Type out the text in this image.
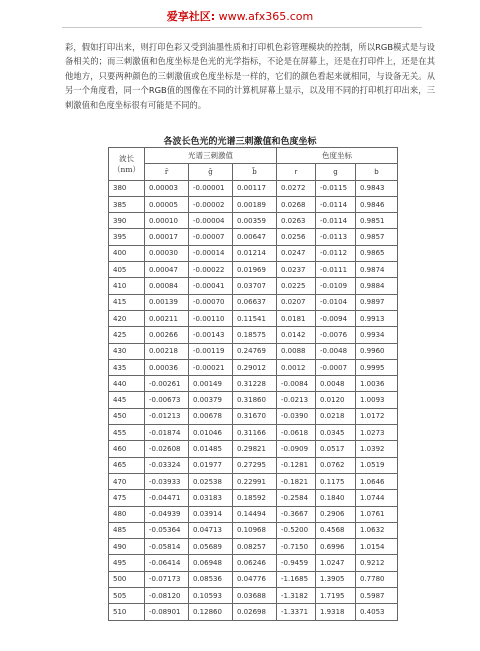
爱享社区: www.afx365.com

彩，假如打印出来，则打印色彩又受到油墨性质和打印机色彩管理模块的控制，所以RGB模式是与设备相关的；而三刺激值和色度坐标是色光的光学指标，不论是在屏幕上，还是在打印件上，还是在其他地方，只要两种颜色的三刺激值或色度坐标是一样的，它们的颜色看起来就相同，与设备无关。从另一个角度看，同一个RGB值的图像在不同的计算机屏幕上显示，以及用不同的打印机打印出来，三刺激值和色度坐标很有可能是不同的。

各波长色光的光谱三刺激值和色度坐标
波长
（nm）	光谱三刺激值			色度坐标		
	r̄	ḡ	b̄	r	g	b
380	0.00003	-0.00001	0.00117	0.0272	-0.0115	0.9843
385	0.00005	-0.00002	0.00189	0.0268	-0.0114	0.9846
390	0.00010	-0.00004	0.00359	0.0263	-0.0114	0.9851
395	0.00017	-0.00007	0.00647	0.0256	-0.0113	0.9857
400	0.00030	-0.00014	0.01214	0.0247	-0.0112	0.9865
405	0.00047	-0.00022	0.01969	0.0237	-0.0111	0.9874
410	0.00084	-0.00041	0.03707	0.0225	-0.0109	0.9884
415	0.00139	-0.00070	0.06637	0.0207	-0.0104	0.9897
420	0.00211	-0.00110	0.11541	0.0181	-0.0094	0.9913
425	0.00266	-0.00143	0.18575	0.0142	-0.0076	0.9934
430	0.00218	-0.00119	0.24769	0.0088	-0.0048	0.9960
435	0.00036	-0.00021	0.29012	0.0012	-0.0007	0.9995
440	-0.00261	0.00149	0.31228	-0.0084	0.0048	1.0036
445	-0.00673	0.00379	0.31860	-0.0213	0.0120	1.0093
450	-0.01213	0.00678	0.31670	-0.0390	0.0218	1.0172
455	-0.01874	0.01046	0.31166	-0.0618	0.0345	1.0273
460	-0.02608	0.01485	0.29821	-0.0909	0.0517	1.0392
465	-0.03324	0.01977	0.27295	-0.1281	0.0762	1.0519
470	-0.03933	0.02538	0.22991	-0.1821	0.1175	1.0646
475	-0.04471	0.03183	0.18592	-0.2584	0.1840	1.0744
480	-0.04939	0.03914	0.14494	-0.3667	0.2906	1.0761
485	-0.05364	0.04713	0.10968	-0.5200	0.4568	1.0632
490	-0.05814	0.05689	0.08257	-0.7150	0.6996	1.0154
495	-0.06414	0.06948	0.06246	-0.9459	1.0247	0.9212
500	-0.07173	0.08536	0.04776	-1.1685	1.3905	0.7780
505	-0.08120	0.10593	0.03688	-1.3182	1.7195	0.5987
510	-0.08901	0.12860	0.02698	-1.3371	1.9318	0.4053
